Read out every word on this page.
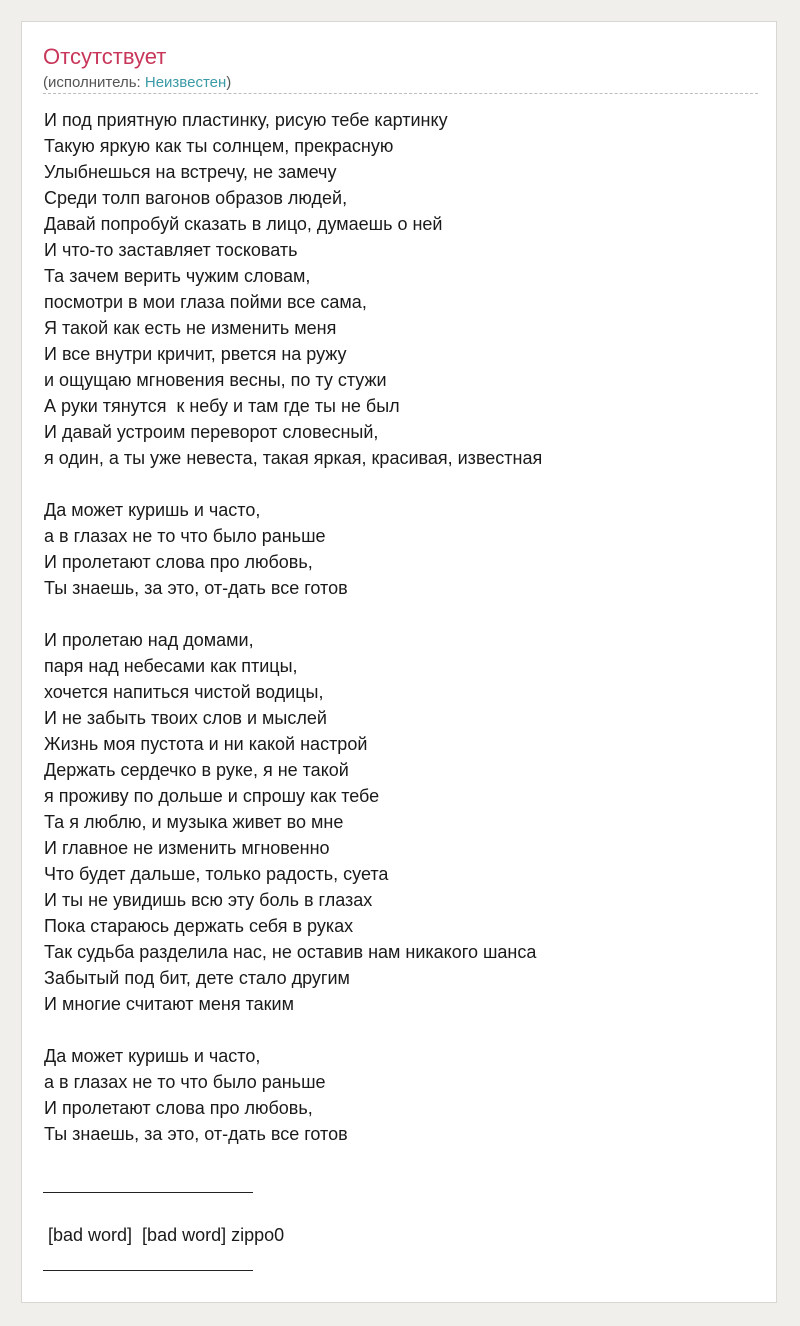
Отсутствует
(исполнитель: Неизвестен)
И под приятную пластинку, рисую тебе картинку
Такую яркую как ты солнцем, прекрасную
Улыбнешься на встречу, не замечу
Среди толп вагонов образов людей,
Давай попробуй сказать в лицо, думаешь о ней
И что-то заставляет тосковать
Та зачем верить чужим словам,
посмотри в мои глаза пойми все сама,
Я такой как есть не изменить меня
И все внутри кричит, рвется на ружу
и ощущаю мгновения весны, по ту стужи
А руки тянутся  к небу и там где ты не был
И давай устроим переворот словесный,
я один, а ты уже невеста, такая яркая, красивая, известная
Да может куришь и часто,
а в глазах не то что было раньше
И пролетают слова про любовь,
Ты знаешь, за это, от-дать все готов
И пролетаю над домами,
паря над небесами как птицы,
хочется напиться чистой водицы,
И не забыть твоих слов и мыслей
Жизнь моя пустота и ни какой настрой
Держать сердечко в руке, я не такой
я проживу по дольше и спрошу как тебе
Та я люблю, и музыка живет во мне
И главное не изменить мгновенно
Что будет дальше, только радость, суета
И ты не увидишь всю эту боль в глазах
Пока стараюсь держать себя в руках
Так судьба разделила нас, не оставив нам никакого шанса
Забытый под бит, дете стало другим
И многие считают меня таким
Да может куришь и часто,
а в глазах не то что было раньше
И пролетают слова про любовь,
Ты знаешь, за это, от-дать все готов
[bad word]  [bad word] zippo0
